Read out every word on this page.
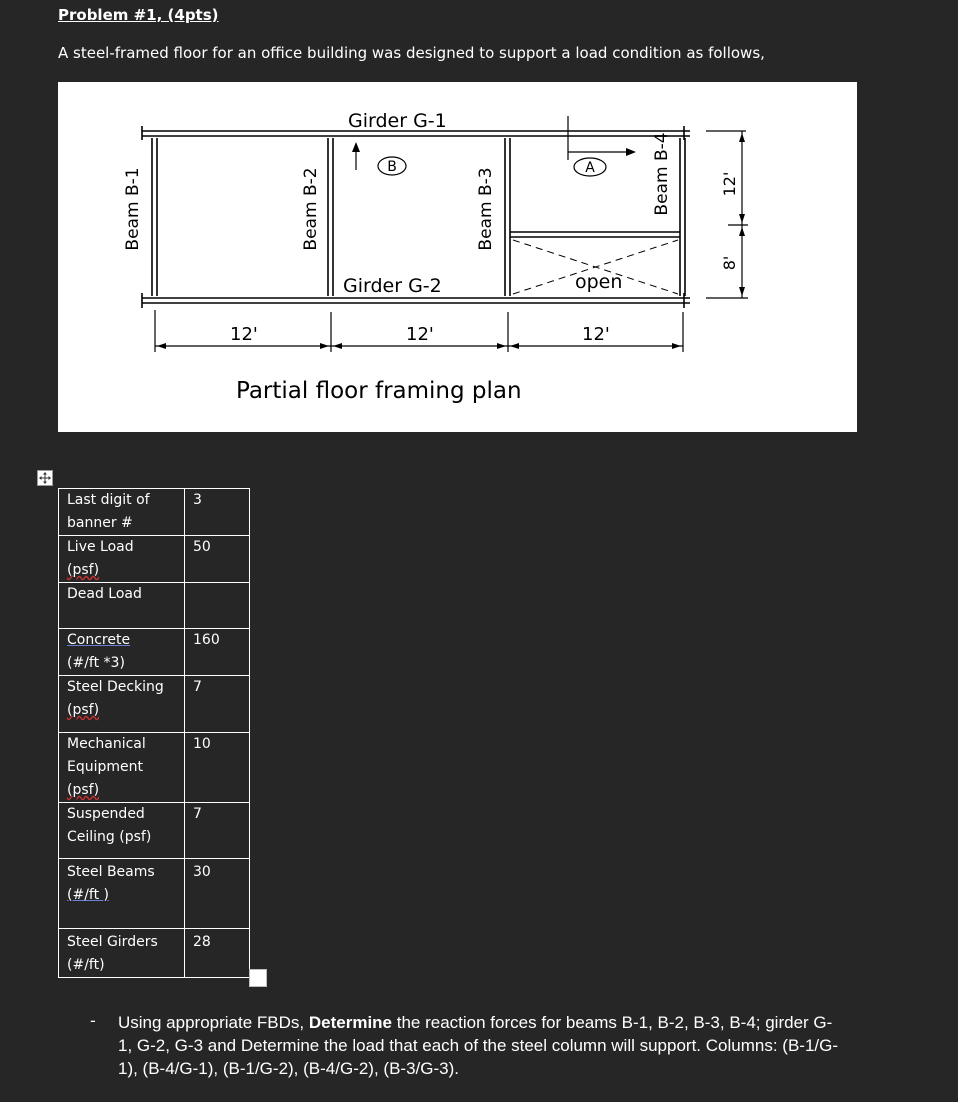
Problem #1, (4pts)
A steel-framed floor for an office building was designed to support a load condition as follows,
Girder G-1
Girder G-2
B	A
open
Beam B-1	Beam B-2	Beam B-3	Beam B-4	12'
8'
12'	12'	12'
Partial floor framing plan
Last digit of
banner #	3
Live Load
(psf)	50
Dead Load	
Concrete
(#/ft *3)	160
Steel Decking
(psf)	7
Mechanical
Equipment
(psf)	10
Suspended
Ceiling (psf)	7
Steel Beams
(#/ft )	30
Steel Girders
(#/ft)	28
- Using appropriate FBDs, Determine the reaction forces for beams B-1, B-2, B-3, B-4; girder G-1, G-2, G-3 and Determine the load that each of the steel column will support. Columns: (B-1/G-1), (B-4/G-1), (B-1/G-2), (B-4/G-2), (B-3/G-3).
